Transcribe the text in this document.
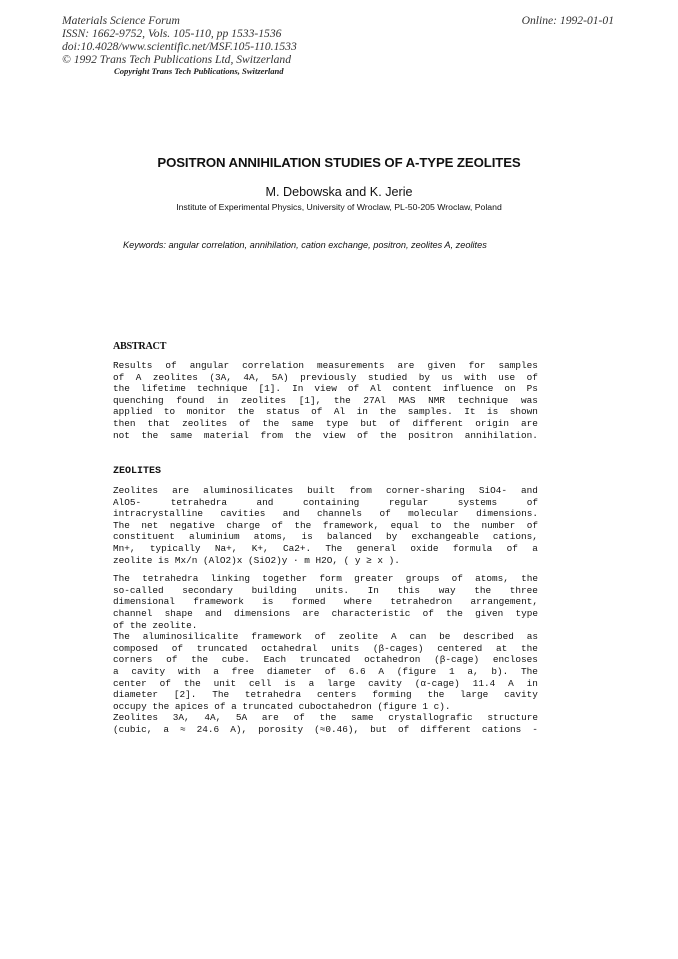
Materials Science Forum
ISSN: 1662-9752, Vols. 105-110, pp 1533-1536
doi:10.4028/www.scientific.net/MSF.105-110.1533
© 1992 Trans Tech Publications Ltd, Switzerland
Online: 1992-01-01
Copyright Trans Tech Publications, Switzerland
POSITRON ANNIHILATION STUDIES OF A-TYPE ZEOLITES
M. Debowska and K. Jerie
Institute of Experimental Physics, University of Wroclaw, PL-50-205 Wroclaw, Poland
Keywords: angular correlation, annihilation, cation exchange, positron, zeolites A, zeolites
ABSTRACT
Results of angular correlation measurements are given for samples
of A zeolites (3A, 4A, 5A) previously studied by us with use of
the lifetime technique [1]. In view of Al content influence on Ps
quenching found in zeolites [1], the 27Al MAS NMR technique was
applied to monitor the status of Al in the samples. It is shown
then that zeolites of the same type but of different origin are
not the same material from the view of the positron annihilation.
ZEOLITES
Zeolites are aluminosilicates built from corner-sharing SiO4- and
AlO5-	tetrahedra	and	containing	regular	systems	of
intracrystalline cavities and channels of molecular dimensions.
The net negative charge of the framework, equal to the number of
constituent aluminium atoms, is balanced by exchangeable cations,
Mn+, typically Na+, K+, Ca2+. The general oxide formula of a
zeolite is Mx/n (AlO2)x (SiO2)y · m H2O, ( y ≥ x ).
The tetrahedra linking together form greater groups of atoms, the
so-called secondary building units. In this way the three
dimensional framework is formed where tetrahedron arrangement,
channel shape and dimensions are characteristic of the given type
of the zeolite.
The aluminosilicalite framework of zeolite A can be described as
composed of truncated octahedral units (β-cages) centered at the
corners of the cube. Each truncated octahedron (β-cage) encloses
a cavity with a free diameter of 6.6 A (figure 1 a, b). The
center of the unit cell is a large cavity (α-cage) 11.4 A in
diameter [2]. The tetrahedra centers forming the large cavity
occupy the apices of a truncated cuboctahedron (figure 1 c).
Zeolites 3A, 4A, 5A are of the same crystallografic structure
(cubic, a ≈ 24.6 A), porosity (≈0.46), but of different cations -
